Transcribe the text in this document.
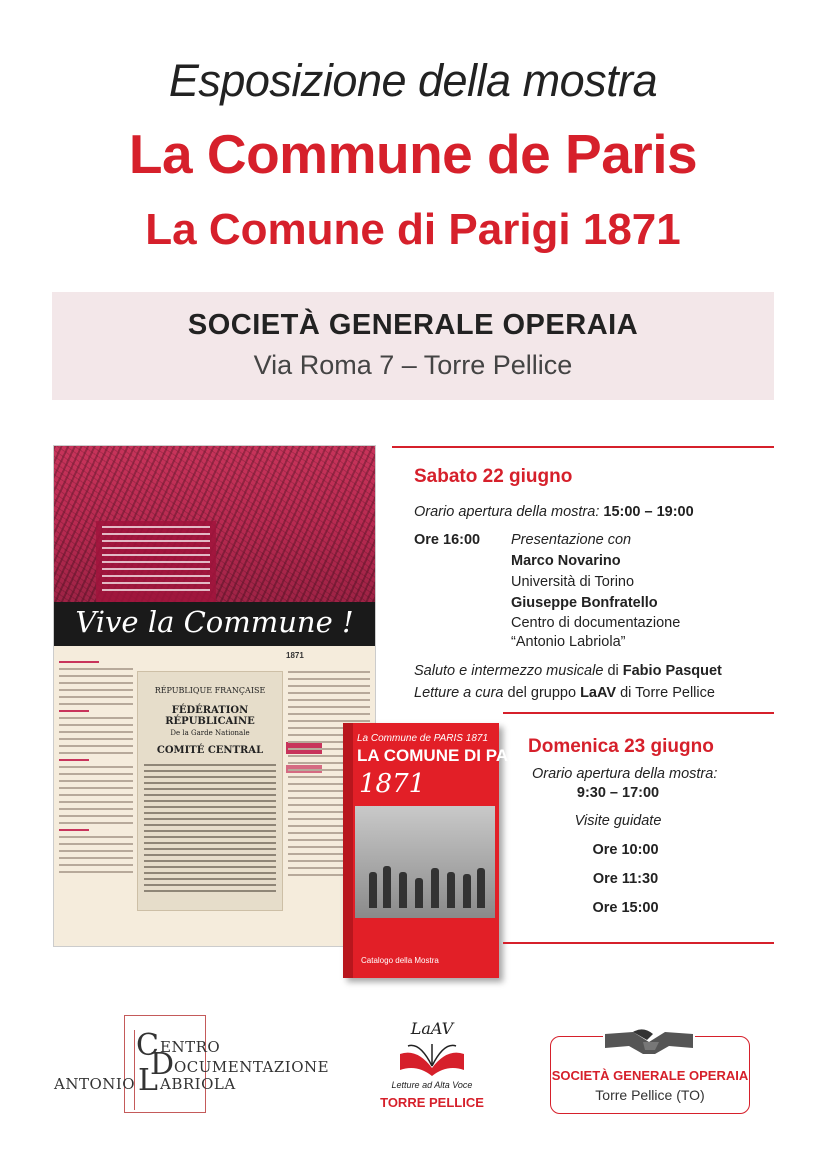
Esposizione della mostra
La Commune de Paris
La Comune di Parigi 1871
SOCIETÀ GENERALE OPERAIA
Via Roma 7 – Torre Pellice
Vive la Commune !
RÉPUBLIQUE FRANÇAISE
FÉDÉRATION RÉPUBLICAINE
De la Garde Nationale
COMITÉ CENTRAL
1871
La Commune de PARIS 1871
LA COMUNE DI PARIGI
1871
Catalogo della Mostra
Sabato 22 giugno
Orario apertura della mostra: 15:00 – 19:00
Ore 16:00 Presentazione con
Marco Novarino
Università di Torino
Giuseppe Bonfratello
Centro di documentazione
“Antonio Labriola”
Saluto e intermezzo musicale di Fabio Pasquet
Letture a cura del gruppo LaAV di Torre Pellice
Domenica 23 giugno
Orario apertura della mostra:
9:30 – 17:00
Visite guidate
Ore 10:00
Ore 11:30
Ore 15:00
C ENTRO
D OCUMENTAZIONE
ANTONIO L ABRIOLA
LaAV
Letture ad Alta Voce
TORRE PELLICE
SOCIETÀ GENERALE OPERAIA
Torre Pellice (TO)
